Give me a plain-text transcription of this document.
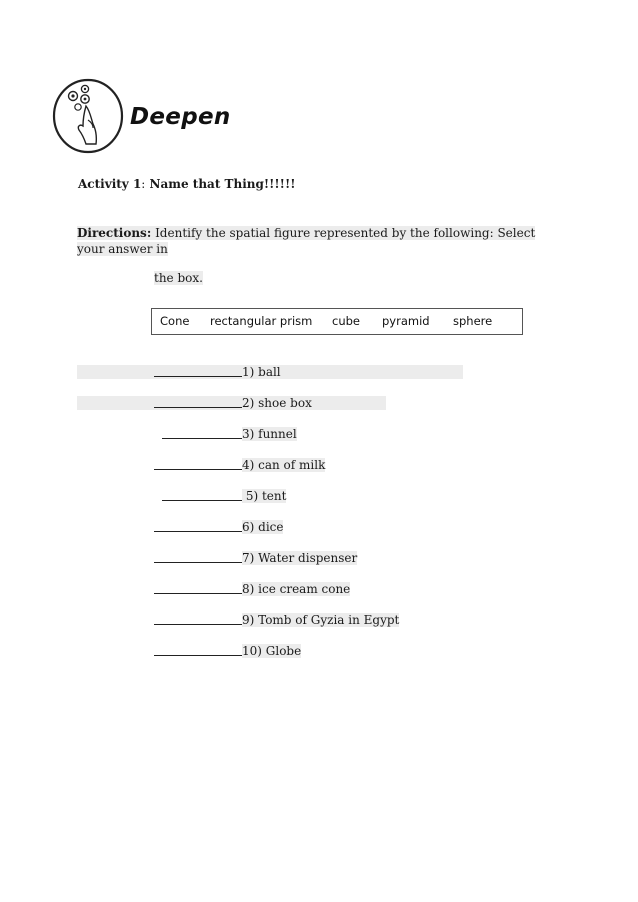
Deepen
Activity 1: Name that Thing!!!!!!
Directions: Identify the spatial figure represented by the following: Select your answer in
the box.
Cone rectangular prism cube pyramid sphere
1) ball
2) shoe box
3) funnel
4) can of milk
5) tent
6) dice
7) Water dispenser
8) ice cream cone
9) Tomb of Gyzia in Egypt
10) Globe
